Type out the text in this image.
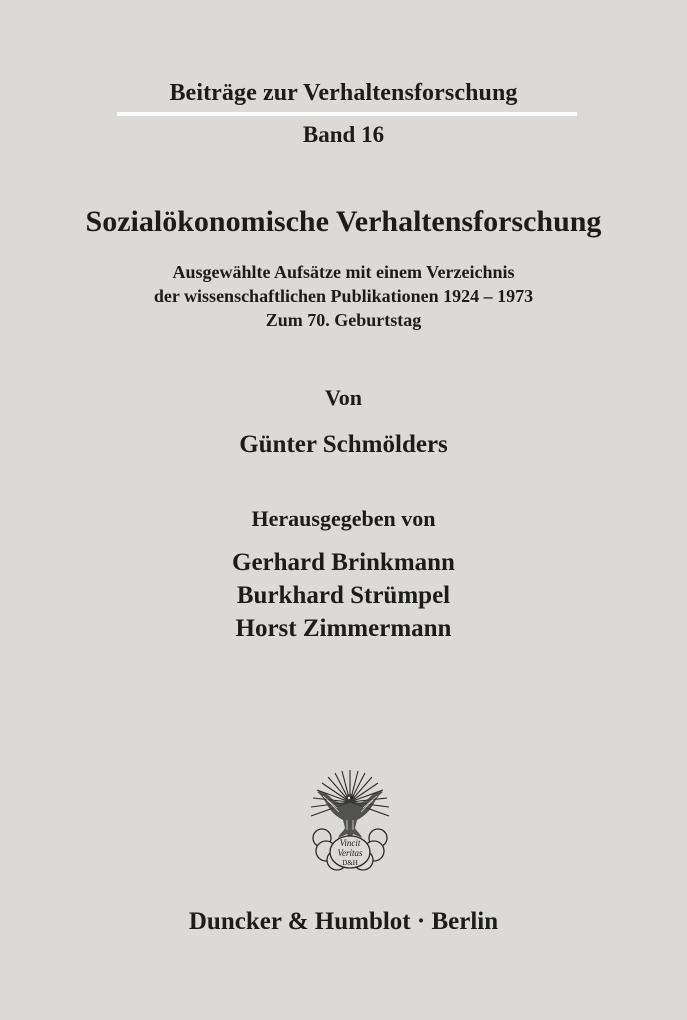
Beiträge zur Verhaltensforschung
Band 16
Sozialökonomische Verhaltensforschung
Ausgewählte Aufsätze mit einem Verzeichnis
der wissenschaftlichen Publikationen 1924 – 1973
Zum 70. Geburtstag
Von
Günter Schmölders
Herausgegeben von
Gerhard Brinkmann
Burkhard Strümpel
Horst Zimmermann
Vincit
Veritas
D&H
Duncker & Humblot · Berlin
